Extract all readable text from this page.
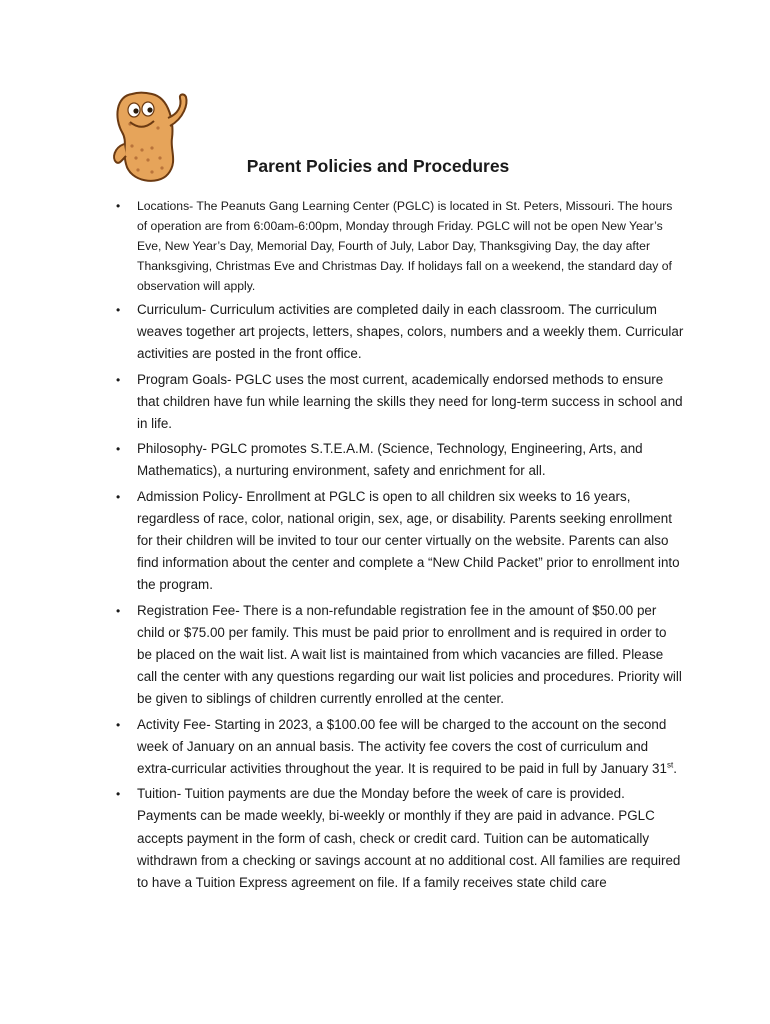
Parent Policies and Procedures
• Locations- The Peanuts Gang Learning Center (PGLC) is located in St. Peters, Missouri. The hours of operation are from 6:00am-6:00pm, Monday through Friday. PGLC will not be open New Year’s Eve, New Year’s Day, Memorial Day, Fourth of July, Labor Day, Thanksgiving Day, the day after Thanksgiving, Christmas Eve and Christmas Day. If holidays fall on a weekend, the standard day of observation will apply.
• Curriculum- Curriculum activities are completed daily in each classroom. The curriculum weaves together art projects, letters, shapes, colors, numbers and a weekly them. Curricular activities are posted in the front office.
• Program Goals- PGLC uses the most current, academically endorsed methods to ensure that children have fun while learning the skills they need for long-term success in school and in life.
• Philosophy- PGLC promotes S.T.E.A.M. (Science, Technology, Engineering, Arts, and Mathematics), a nurturing environment, safety and enrichment for all.
• Admission Policy- Enrollment at PGLC is open to all children six weeks to 16 years, regardless of race, color, national origin, sex, age, or disability. Parents seeking enrollment for their children will be invited to tour our center virtually on the website. Parents can also find information about the center and complete a “New Child Packet” prior to enrollment into the program.
• Registration Fee- There is a non-refundable registration fee in the amount of $50.00 per child or $75.00 per family. This must be paid prior to enrollment and is required in order to be placed on the wait list. A wait list is maintained from which vacancies are filled. Please call the center with any questions regarding our wait list policies and procedures. Priority will be given to siblings of children currently enrolled at the center.
• Activity Fee- Starting in 2023, a $100.00 fee will be charged to the account on the second week of January on an annual basis. The activity fee covers the cost of curriculum and extra-curricular activities throughout the year. It is required to be paid in full by January 31st.
• Tuition- Tuition payments are due the Monday before the week of care is provided. Payments can be made weekly, bi-weekly or monthly if they are paid in advance. PGLC accepts payment in the form of cash, check or credit card. Tuition can be automatically withdrawn from a checking or savings account at no additional cost. All families are required to have a Tuition Express agreement on file. If a family receives state child care
